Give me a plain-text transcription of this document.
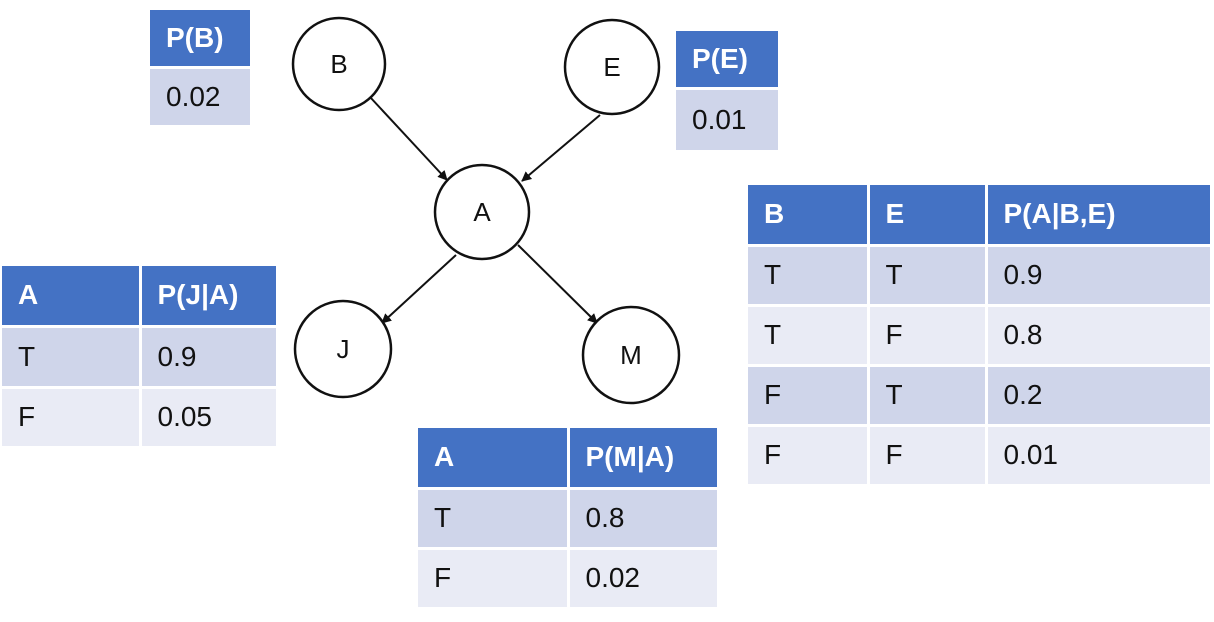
B	E
A
J	M
P(B)
0.02
P(E)
0.01
A	P(J|A)
T	0.9
F	0.05
A	P(M|A)
T	0.8
F	0.02
B	E	P(A|B,E)
T	T	0.9
T	F	0.8
F	T	0.2
F	F	0.01
